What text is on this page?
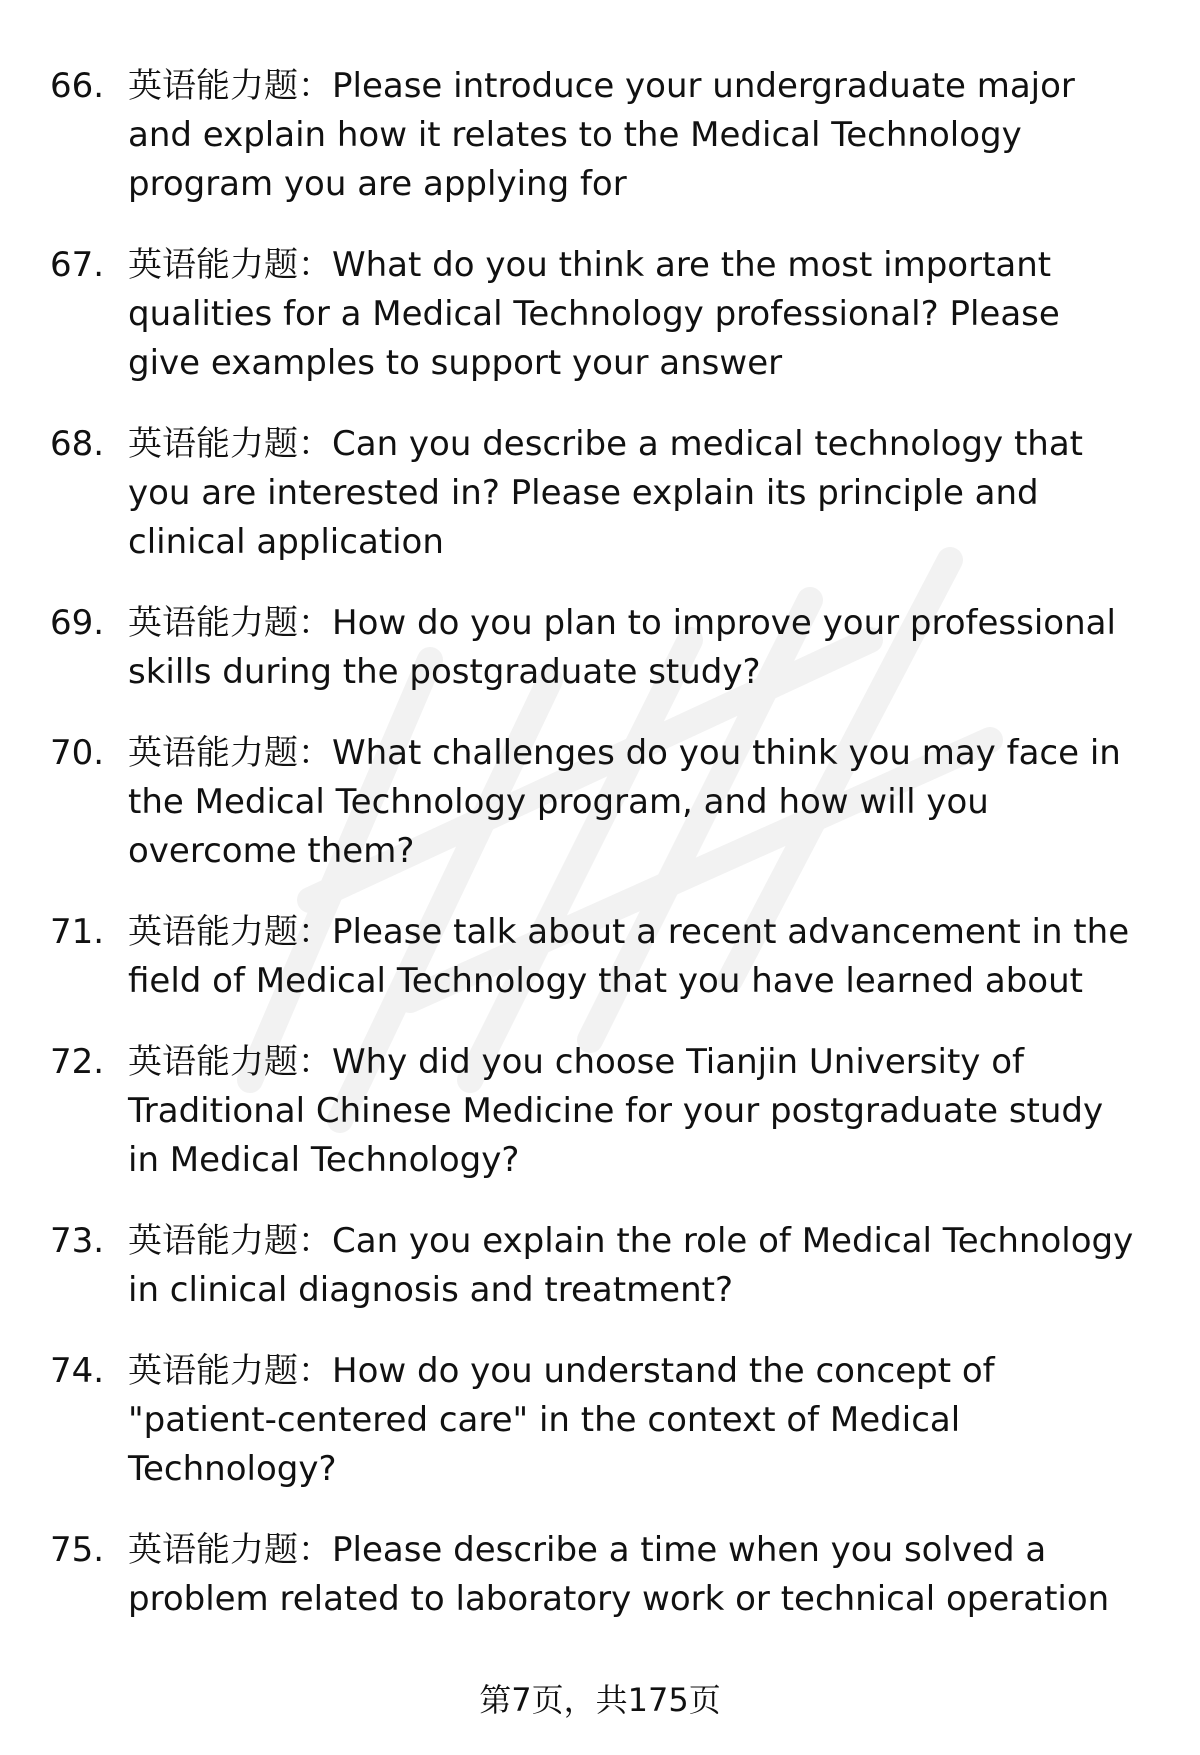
66. 英语能力题：Please introduce your undergraduate major and explain how it relates to the Medical Technology program you are applying for
67. 英语能力题：What do you think are the most important qualities for a Medical Technology professional? Please give examples to support your answer
68. 英语能力题：Can you describe a medical technology that you are interested in? Please explain its principle and clinical application
69. 英语能力题：How do you plan to improve your professional skills during the postgraduate study?
70. 英语能力题：What challenges do you think you may face in the Medical Technology program, and how will you overcome them?
71. 英语能力题：Please talk about a recent advancement in the field of Medical Technology that you have learned about
72. 英语能力题：Why did you choose Tianjin University of Traditional Chinese Medicine for your postgraduate study in Medical Technology?
73. 英语能力题：Can you explain the role of Medical Technology in clinical diagnosis and treatment?
74. 英语能力题：How do you understand the concept of "patient-centered care" in the context of Medical Technology?
75. 英语能力题：Please describe a time when you solved a problem related to laboratory work or technical operation
第7页，共175页
